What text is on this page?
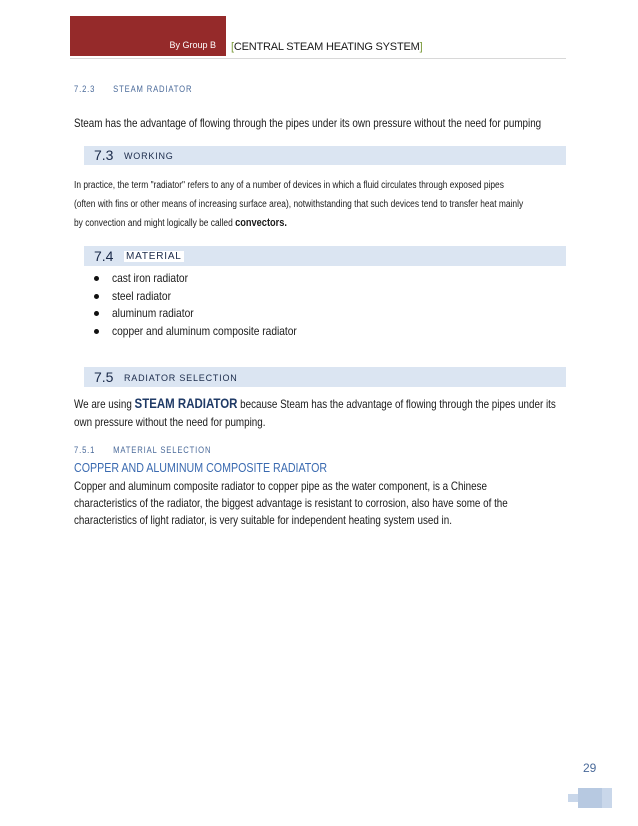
By Group B [CENTRAL STEAM HEATING SYSTEM]
7.2.3 STEAM RADIATOR
Steam has the advantage of flowing through the pipes under its own pressure without the need for pumping
7.3 WORKING
In practice, the term "radiator" refers to any of a number of devices in which a fluid circulates through exposed pipes
(often with fins or other means of increasing surface area), notwithstanding that such devices tend to transfer heat mainly
by convection and might logically be called convectors.
7.4 MATERIAL
cast iron radiator
steel radiator
aluminum radiator
copper and aluminum composite radiator
7.5 RADIATOR SELECTION
We are using STEAM RADIATOR because Steam has the advantage of flowing through the pipes under its
own pressure without the need for pumping.
7.5.1 MATERIAL SELECTION
COPPER AND ALUMINUM COMPOSITE RADIATOR
Copper and aluminum composite radiator to copper pipe as the water component, is a Chinese
characteristics of the radiator, the biggest advantage is resistant to corrosion, also have some of the
characteristics of light radiator, is very suitable for independent heating system used in.
29
